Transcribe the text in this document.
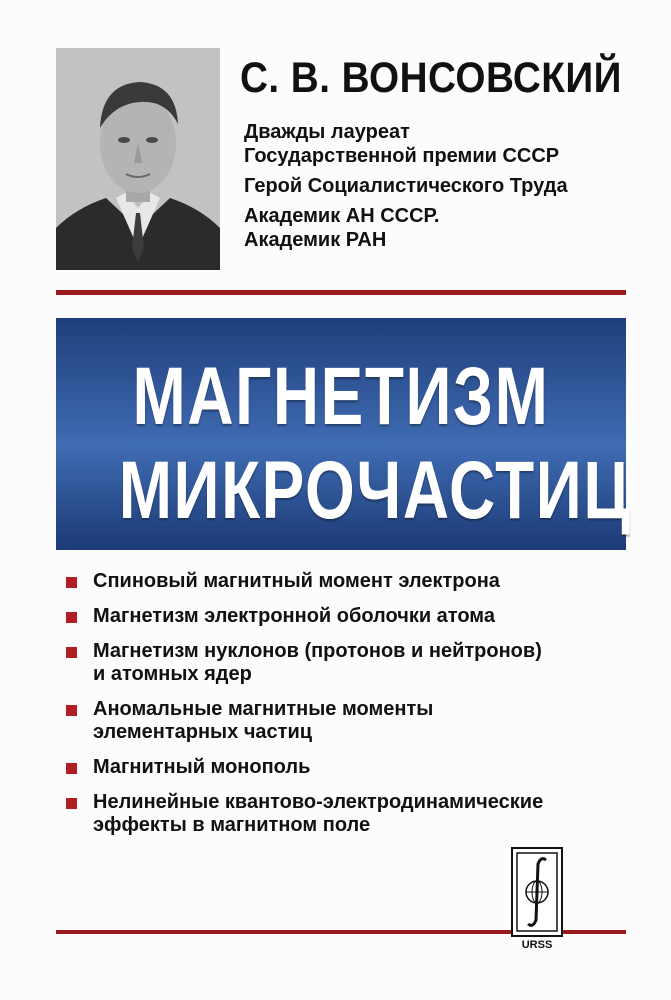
С. В. ВОНСОВСКИЙ
Дважды лауреат
Государственной премии СССР
Герой Социалистического Труда
Академик АН СССР.
Академик РАН
МАГНЕТИЗМ
МИКРОЧАСТИЦ
Спиновый магнитный момент электрона
Магнетизм электронной оболочки атома
Магнетизм нуклонов (протонов и нейтронов)
и атомных ядер
Аномальные магнитные моменты
элементарных частиц
Магнитный монополь
Нелинейные квантово-электродинамические
эффекты в магнитном поле
URSS
